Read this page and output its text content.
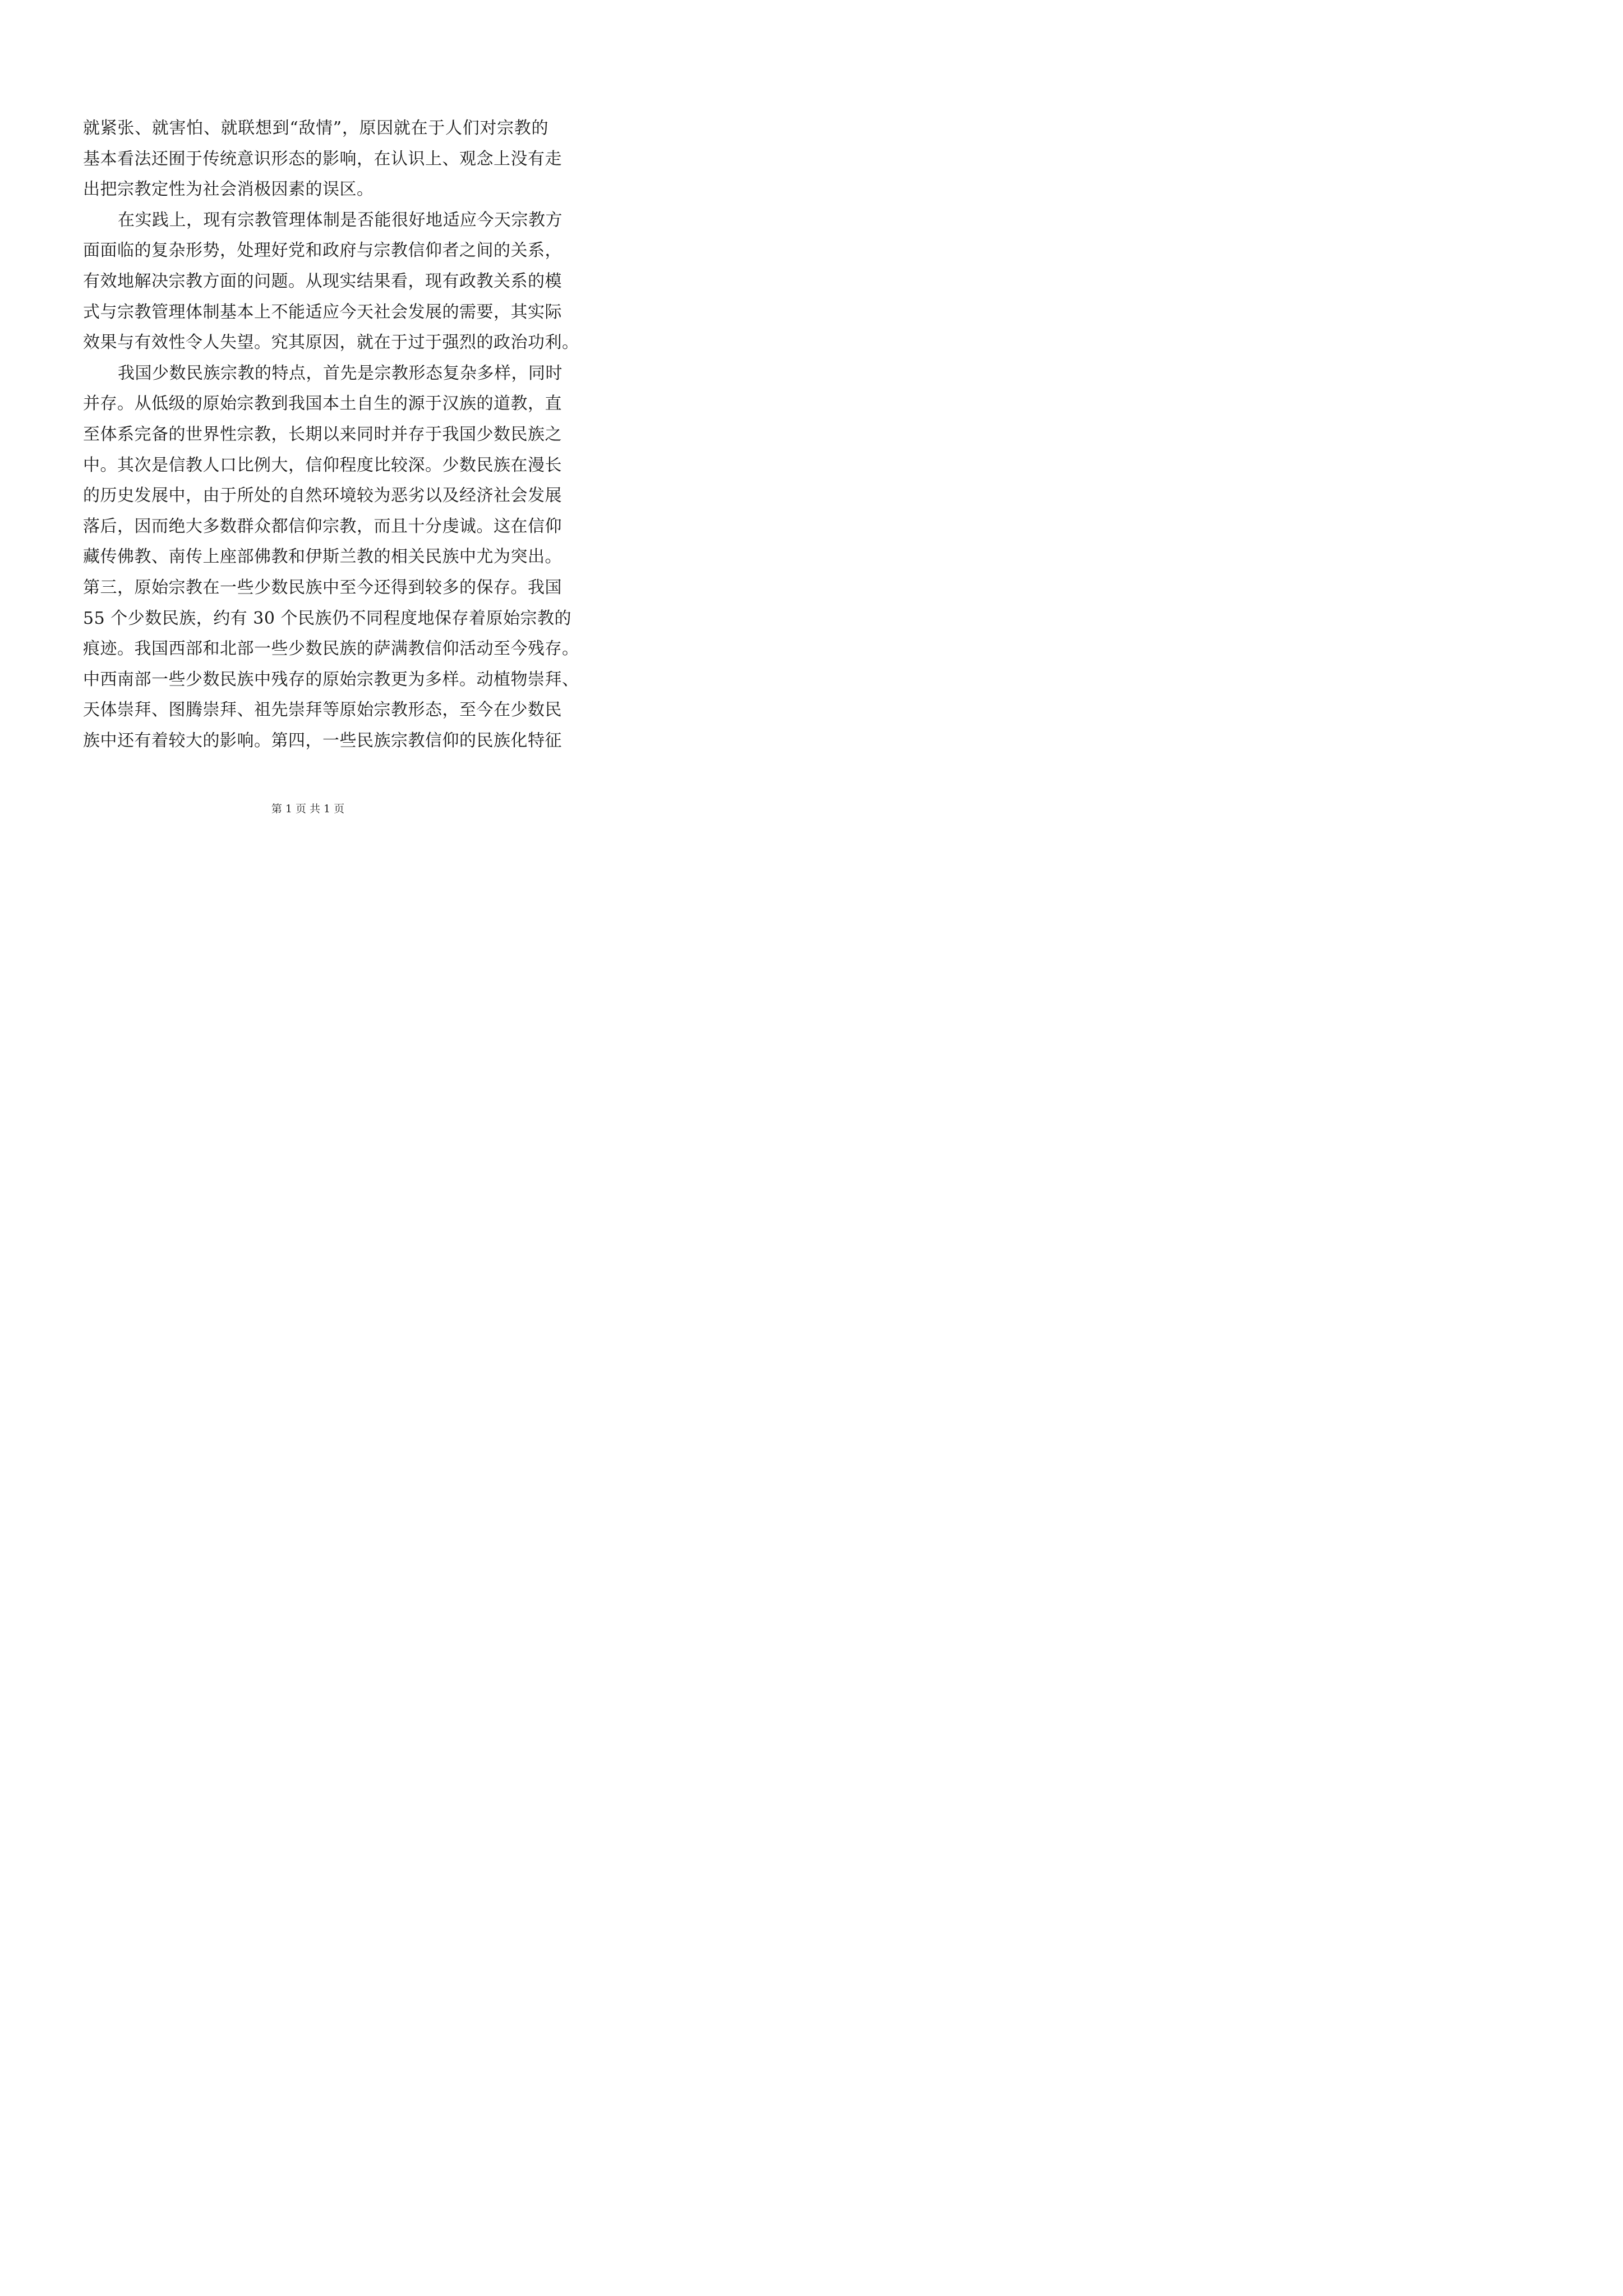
就紧张、就害怕、就联想到“敌情”，原因就在于人们对宗教的
基本看法还囿于传统意识形态的影响，在认识上、观念上没有走
出把宗教定性为社会消极因素的误区。
在实践上，现有宗教管理体制是否能很好地适应今天宗教方
面面临的复杂形势，处理好党和政府与宗教信仰者之间的关系，
有效地解决宗教方面的问题。从现实结果看，现有政教关系的模
式与宗教管理体制基本上不能适应今天社会发展的需要，其实际
效果与有效性令人失望。究其原因，就在于过于强烈的政治功利。
我国少数民族宗教的特点，首先是宗教形态复杂多样，同时
并存。从低级的原始宗教到我国本土自生的源于汉族的道教，直
至体系完备的世界性宗教，长期以来同时并存于我国少数民族之
中。其次是信教人口比例大，信仰程度比较深。少数民族在漫长
的历史发展中，由于所处的自然环境较为恶劣以及经济社会发展
落后，因而绝大多数群众都信仰宗教，而且十分虔诚。这在信仰
藏传佛教、南传上座部佛教和伊斯兰教的相关民族中尤为突出。
第三，原始宗教在一些少数民族中至今还得到较多的保存。我国
55 个少数民族，约有 30 个民族仍不同程度地保存着原始宗教的
痕迹。我国西部和北部一些少数民族的萨满教信仰活动至今残存。
中西南部一些少数民族中残存的原始宗教更为多样。动植物崇拜、
天体崇拜、图腾崇拜、祖先崇拜等原始宗教形态，至今在少数民
族中还有着较大的影响。第四，一些民族宗教信仰的民族化特征
第 1 页 共 1 页
